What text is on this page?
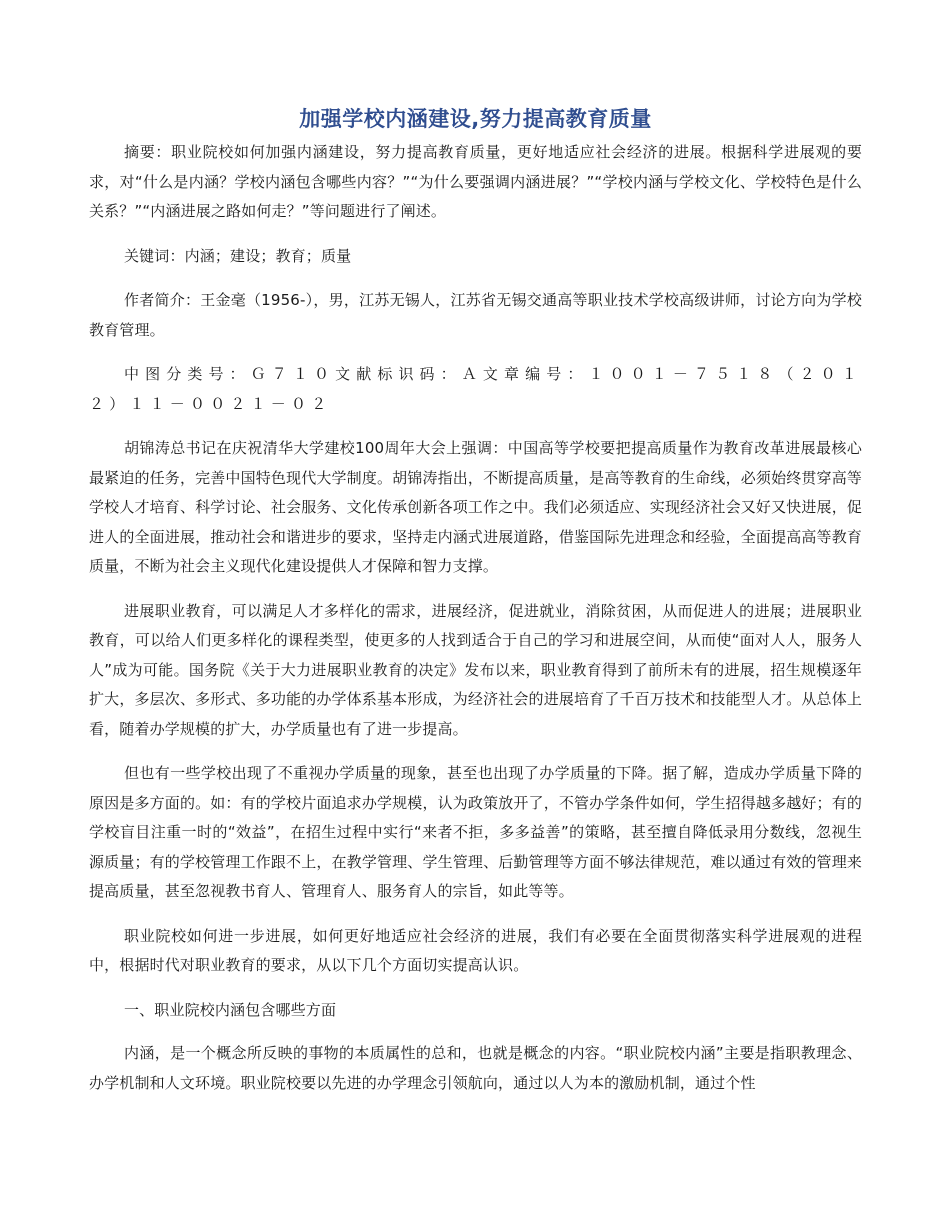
加强学校内涵建设,努力提高教育质量

摘要：职业院校如何加强内涵建设，努力提高教育质量，更好地适应社会经济的进展。根据科学进展观的要求，对“什么是内涵？学校内涵包含哪些内容？”“为什么要强调内涵进展？”“学校内涵与学校文化、学校特色是什么关系？”“内涵进展之路如何走？”等问题进行了阐述。

关键词：内涵；建设；教育；质量

作者简介：王金毫（1956-），男，江苏无锡人，江苏省无锡交通高等职业技术学校高级讲师，讨论方向为学校教育管理。

中图分类号：Ｇ７１０文献标识码：Ａ文章编号：１００１－７５１８（２０１２）１１－００２１－０２

胡锦涛总书记在庆祝清华大学建校100周年大会上强调：中国高等学校要把提高质量作为教育改革进展最核心最紧迫的任务，完善中国特色现代大学制度。胡锦涛指出，不断提高质量，是高等教育的生命线，必须始终贯穿高等学校人才培育、科学讨论、社会服务、文化传承创新各项工作之中。我们必须适应、实现经济社会又好又快进展，促进人的全面进展，推动社会和谐进步的要求，坚持走内涵式进展道路，借鉴国际先进理念和经验，全面提高高等教育质量，不断为社会主义现代化建设提供人才保障和智力支撑。

进展职业教育，可以满足人才多样化的需求，进展经济，促进就业，消除贫困，从而促进人的进展；进展职业教育，可以给人们更多样化的课程类型，使更多的人找到适合于自己的学习和进展空间，从而使“面对人人，服务人人”成为可能。国务院《关于大力进展职业教育的决定》发布以来，职业教育得到了前所未有的进展，招生规模逐年扩大，多层次、多形式、多功能的办学体系基本形成，为经济社会的进展培育了千百万技术和技能型人才。从总体上看，随着办学规模的扩大，办学质量也有了进一步提高。

但也有一些学校出现了不重视办学质量的现象，甚至也出现了办学质量的下降。据了解，造成办学质量下降的原因是多方面的。如：有的学校片面追求办学规模，认为政策放开了，不管办学条件如何，学生招得越多越好；有的学校盲目注重一时的“效益”，在招生过程中实行“来者不拒，多多益善”的策略，甚至擅自降低录用分数线，忽视生源质量；有的学校管理工作跟不上，在教学管理、学生管理、后勤管理等方面不够法律规范，难以通过有效的管理来提高质量，甚至忽视教书育人、管理育人、服务育人的宗旨，如此等等。

职业院校如何进一步进展，如何更好地适应社会经济的进展，我们有必要在全面贯彻落实科学进展观的进程中，根据时代对职业教育的要求，从以下几个方面切实提高认识。

一、职业院校内涵包含哪些方面

内涵，是一个概念所反映的事物的本质属性的总和，也就是概念的内容。“职业院校内涵”主要是指职教理念、办学机制和人文环境。职业院校要以先进的办学理念引领航向，通过以人为本的激励机制，通过个性
